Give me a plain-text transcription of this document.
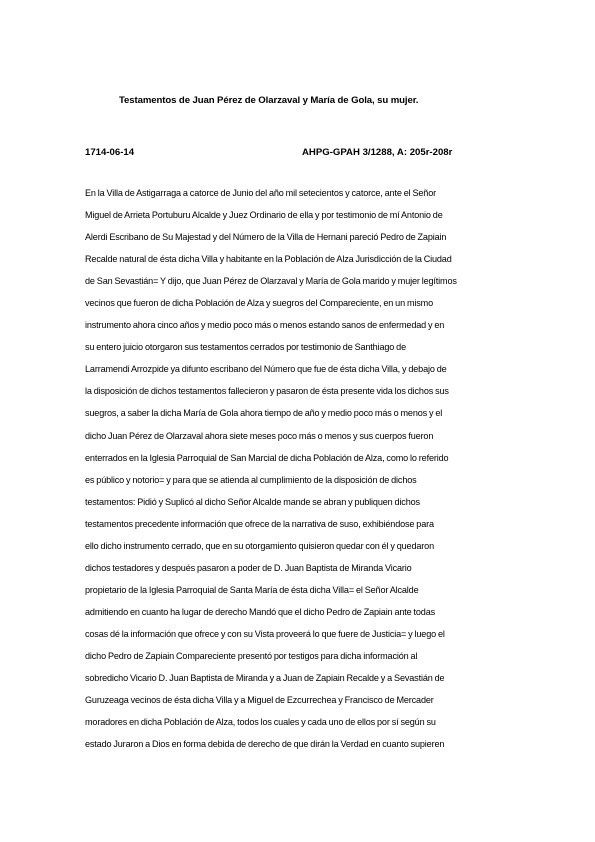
Testamentos de Juan Pérez de Olarzaval y María de Gola, su mujer.
1714-06-14	AHPG-GPAH 3/1288, A: 205r-208r
En la Villa de Astigarraga a catorce de Junio del año mil setecientos y catorce, ante el Señor
Miguel de Arrieta Portuburu Alcalde y Juez Ordinario de ella y por testimonio de mí Antonio de
Alerdi Escribano de Su Majestad y del Número de la Villa de Hernani pareció Pedro de Zapiain
Recalde natural de ésta dicha Villa y habitante en la Población de Alza Jurisdicción de la Ciudad
de San Sevastián= Y dijo, que Juan Pérez de Olarzaval y María de Gola marido y mujer legítimos
vecinos que fueron de dicha Población de Alza y suegros del Compareciente, en un mismo
instrumento ahora cinco años y medio poco más o menos estando sanos de enfermedad y en
su entero juicio otorgaron sus testamentos cerrados por testimonio de Santhiago de
Larramendi Arrozpide ya difunto escribano del Número que fue de ésta dicha Villa, y debajo de
la disposición de dichos testamentos fallecieron y pasaron de ésta presente vida los dichos sus
suegros, a saber la dicha María de Gola ahora tiempo de año y medio poco más o menos y el
dicho Juan Pérez de Olarzaval ahora siete meses poco más o menos y sus cuerpos fueron
enterrados en la Iglesia Parroquial de San Marcial de dicha Población de Alza, como lo referido
es público y notorio= y para que se atienda al cumplimiento de la disposición de dichos
testamentos: Pidió y Suplicó al dicho Señor Alcalde mande se abran y publiquen dichos
testamentos precedente información que ofrece de la narrativa de suso, exhibiéndose para
ello dicho instrumento cerrado, que en su otorgamiento quisieron quedar con él y quedaron
dichos testadores y después pasaron a poder de D. Juan Baptista de Miranda Vicario
propietario de la Iglesia Parroquial de Santa María de ésta dicha Villa= el Señor Alcalde
admitiendo en cuanto ha lugar de derecho Mandó que el dicho Pedro de Zapiain ante todas
cosas dé la información que ofrece y con su Vista proveerá lo que fuere de Justicia= y luego el
dicho Pedro de Zapiain Compareciente presentó por testigos para dicha información al
sobredicho Vicario D. Juan Baptista de Miranda y a Juan de Zapiain Recalde y a Sevastián de
Guruzeaga vecinos de ésta dicha Villa y a Miguel de Ezcurrechea y Francisco de Mercader
moradores en dicha Población de Alza, todos los cuales y cada uno de ellos por sí según su
estado Juraron a Dios en forma debida de derecho de que dirán la Verdad en cuanto supieren
